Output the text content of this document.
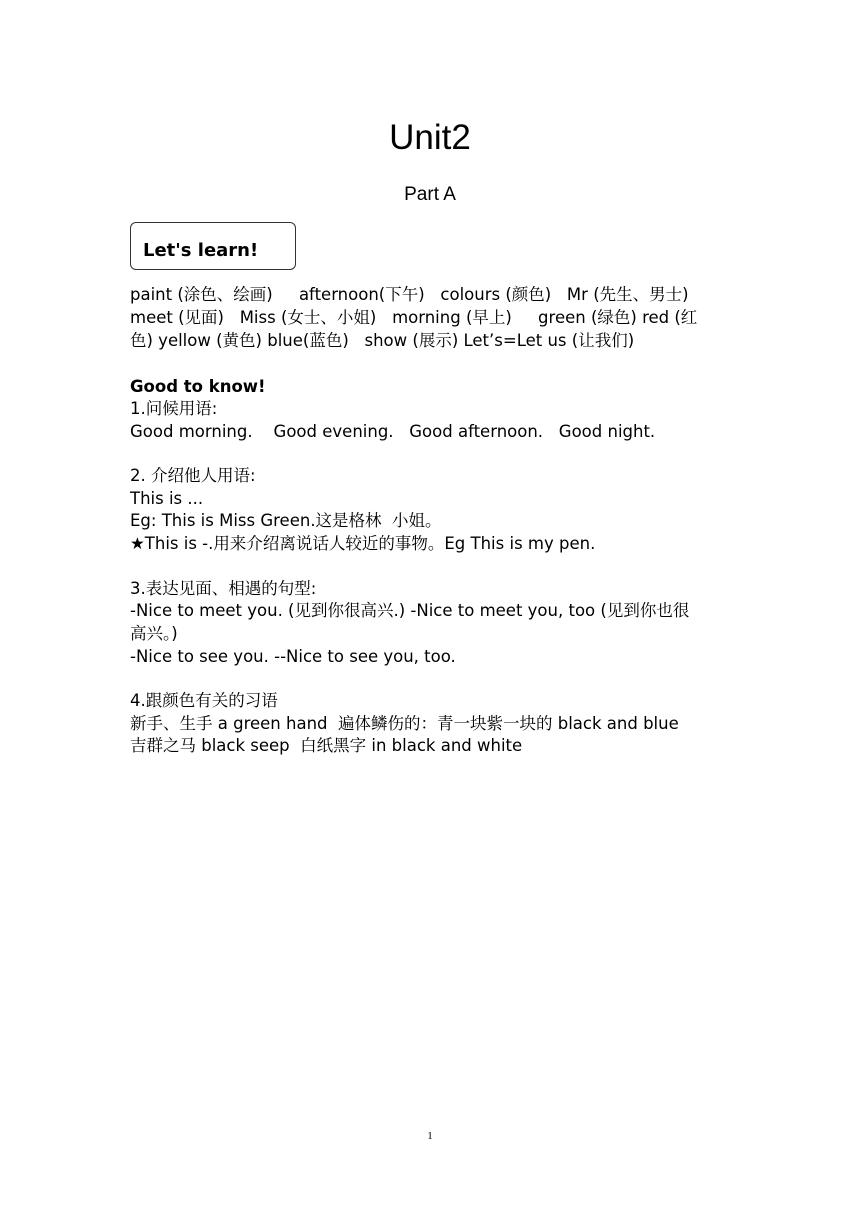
Unit2
Part A
Let's learn!
paint (涂色、绘画)     afternoon(下午)   colours (颜色)   Mr (先生、男士)
meet (见面)   Miss (女士、小姐)   morning (早上)     green (绿色) red (红
色) yellow (黄色) blue(蓝色)   show (展示) Let’s=Let us (让我们)
Good to know!
1.问候用语:
Good morning.    Good evening.   Good afternoon.   Good night.
2. 介绍他人用语:
This is ...
Eg: This is Miss Green.这是格林  小姐。
★This is -.用来介绍离说话人较近的事物。Eg This is my pen.
3.表达见面、相遇的句型:
-Nice to meet you. (见到你很高兴.) -Nice to meet you, too (见到你也很
高兴。)
-Nice to see you. --Nice to see you, too.
4.跟颜色有关的习语
新手、生手 a green hand  遍体鳞伤的：青一块紫一块的 black and blue
吉群之马 black seep  白纸黑字 in black and white
1
